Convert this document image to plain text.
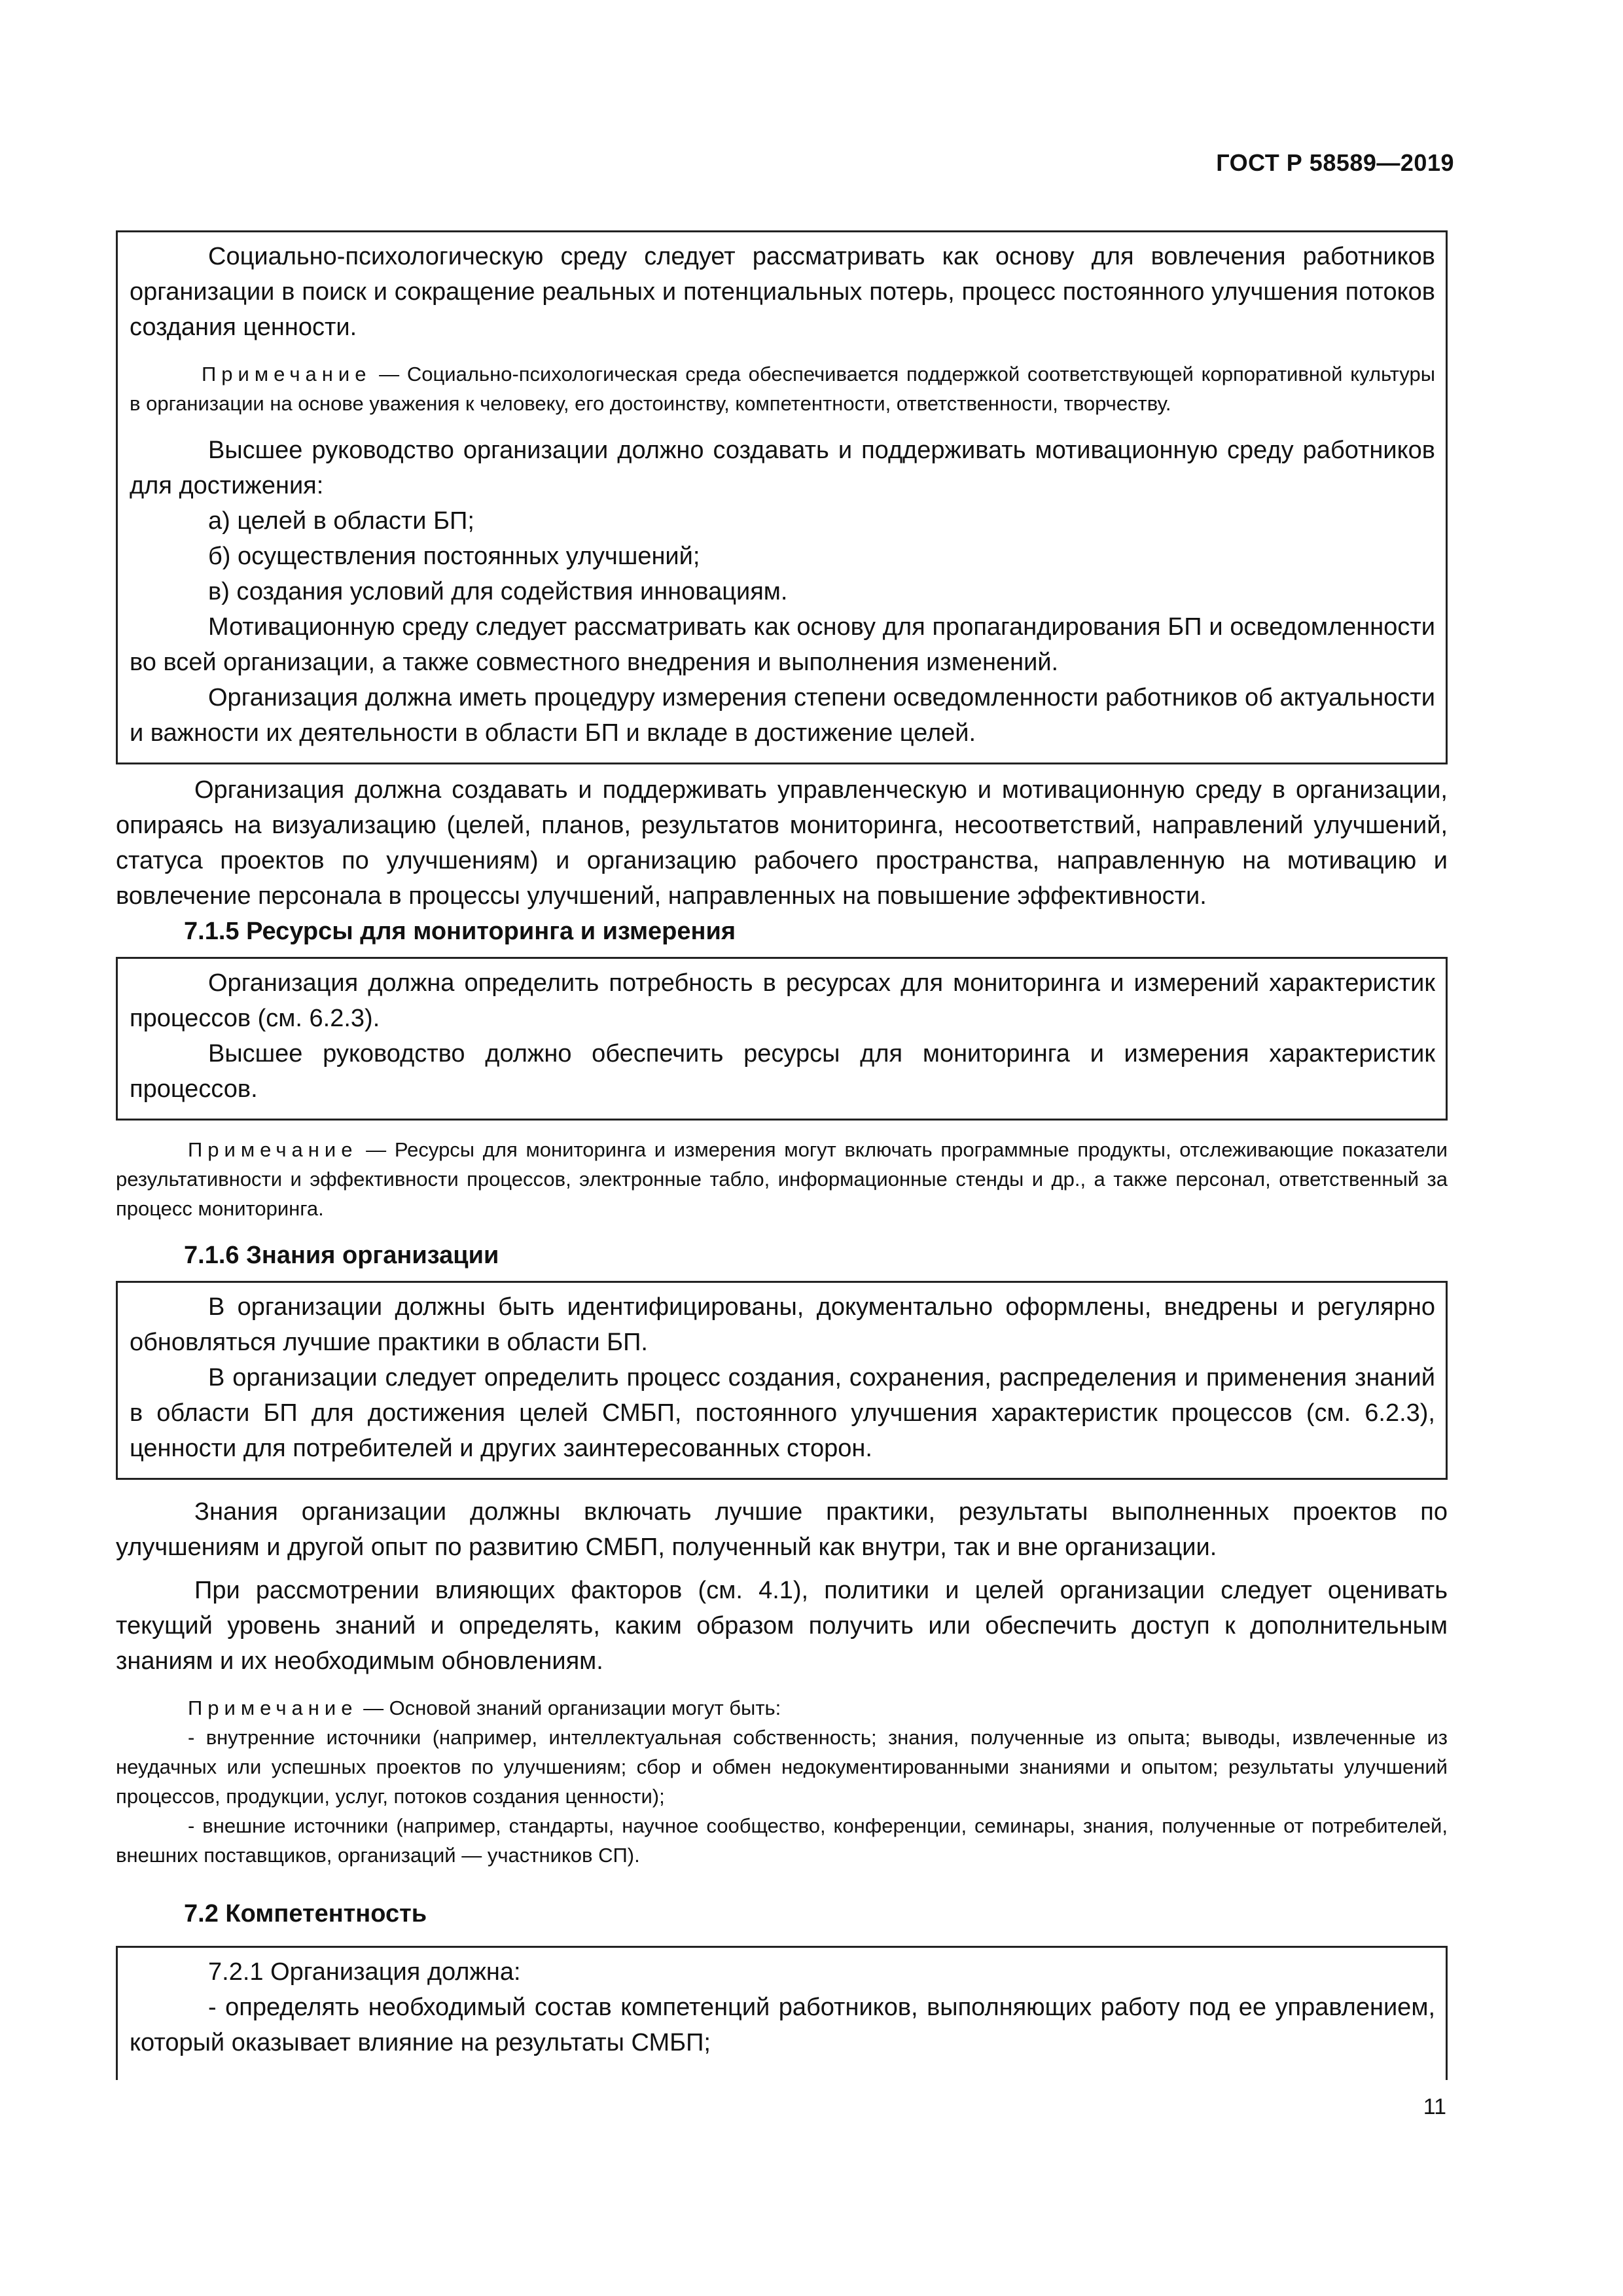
ГОСТ Р 58589—2019

Социально-психологическую среду следует рассматривать как основу для вовлечения работников организации в поиск и сокращение реальных и потенциальных потерь, процесс постоянного улучшения потоков создания ценности.

Примечание — Социально-психологическая среда обеспечивается поддержкой соответствующей корпоративной культуры в организации на основе уважения к человеку, его достоинству, компетентности, ответственности, творчеству.

Высшее руководство организации должно создавать и поддерживать мотивационную среду работников для достижения:

а) целей в области БП;

б) осуществления постоянных улучшений;

в) создания условий для содействия инновациям.

Мотивационную среду следует рассматривать как основу для пропагандирования БП и осведомленности во всей организации, а также совместного внедрения и выполнения изменений.

Организация должна иметь процедуру измерения степени осведомленности работников об актуальности и важности их деятельности в области БП и вкладе в достижение целей.

Организация должна создавать и поддерживать управленческую и мотивационную среду в организации, опираясь на визуализацию (целей, планов, результатов мониторинга, несоответствий, направлений улучшений, статуса проектов по улучшениям) и организацию рабочего пространства, направленную на мотивацию и вовлечение персонала в процессы улучшений, направленных на повышение эффективности.

7.1.5 Ресурсы для мониторинга и измерения

Организация должна определить потребность в ресурсах для мониторинга и измерений характеристик процессов (см. 6.2.3).

Высшее руководство должно обеспечить ресурсы для мониторинга и измерения характеристик процессов.

Примечание — Ресурсы для мониторинга и измерения могут включать программные продукты, отслеживающие показатели результативности и эффективности процессов, электронные табло, информационные стенды и др., а также персонал, ответственный за процесс мониторинга.

7.1.6 Знания организации

В организации должны быть идентифицированы, документально оформлены, внедрены и регулярно обновляться лучшие практики в области БП.

В организации следует определить процесс создания, сохранения, распределения и применения знаний в области БП для достижения целей СМБП, постоянного улучшения характеристик процессов (см. 6.2.3), ценности для потребителей и других заинтересованных сторон.

Знания организации должны включать лучшие практики, результаты выполненных проектов по улучшениям и другой опыт по развитию СМБП, полученный как внутри, так и вне организации.

При рассмотрении влияющих факторов (см. 4.1), политики и целей организации следует оценивать текущий уровень знаний и определять, каким образом получить или обеспечить доступ к дополнительным знаниям и их необходимым обновлениям.

Примечание — Основой знаний организации могут быть:

- внутренние источники (например, интеллектуальная собственность; знания, полученные из опыта; выводы, извлеченные из неудачных или успешных проектов по улучшениям; сбор и обмен недокументированными знаниями и опытом; результаты улучшений процессов, продукции, услуг, потоков создания ценности);

- внешние источники (например, стандарты, научное сообщество, конференции, семинары, знания, полученные от потребителей, внешних поставщиков, организаций — участников СП).

7.2 Компетентность

7.2.1 Организация должна:

- определять необходимый состав компетенций работников, выполняющих работу под ее управлением, который оказывает влияние на результаты СМБП;

11
